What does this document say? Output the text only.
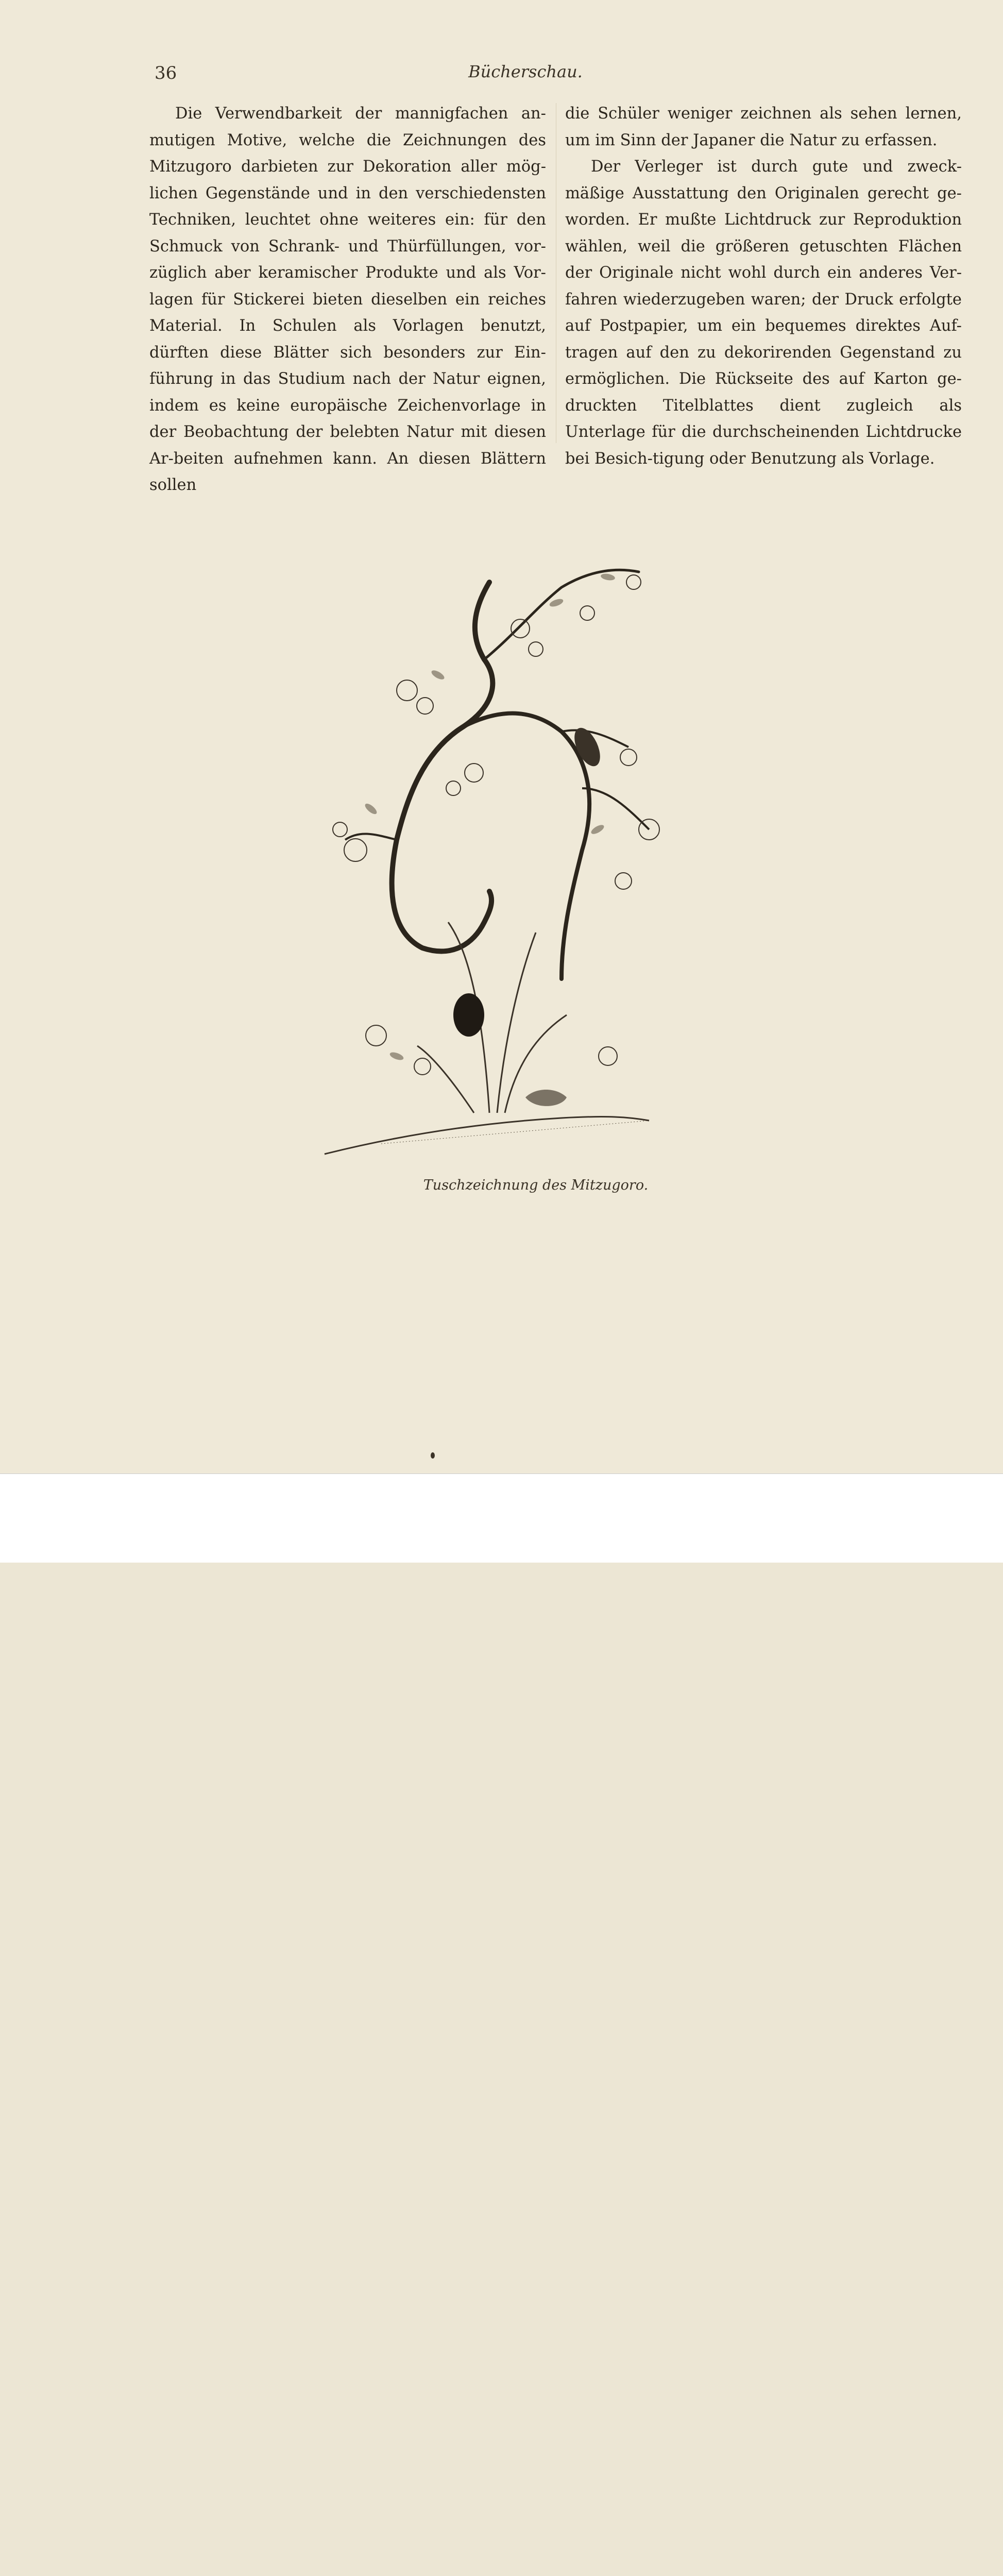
36	Bücherschau.

Die Verwendbarkeit der mannigfachen an-mutigen Motive, welche die Zeichnungen des Mitzugoro darbieten zur Dekoration aller mög-lichen Gegenstände und in den verschiedensten Techniken, leuchtet ohne weiteres ein: für den Schmuck von Schrank- und Thürfüllungen, vor-züglich aber keramischer Produkte und als Vor-lagen für Stickerei bieten dieselben ein reiches Material. In Schulen als Vorlagen benutzt, dürften diese Blätter sich besonders zur Ein-führung in das Studium nach der Natur eignen, indem es keine europäische Zeichenvorlage in der Beobachtung der belebten Natur mit diesen Ar-beiten aufnehmen kann. An diesen Blättern sollen

die Schüler weniger zeichnen als sehen lernen, um im Sinn der Japaner die Natur zu erfassen.

Der Verleger ist durch gute und zweck-mäßige Ausstattung den Originalen gerecht ge-worden. Er mußte Lichtdruck zur Reproduktion wählen, weil die größeren getuschten Flächen der Originale nicht wohl durch ein anderes Ver-fahren wiederzugeben waren; der Druck erfolgte auf Postpapier, um ein bequemes direktes Auf-tragen auf den zu dekorirenden Gegenstand zu ermöglichen. Die Rückseite des auf Karton ge-druckten Titelblattes dient zugleich als Unterlage für die durchscheinenden Lichtdrucke bei Besich-tigung oder Benutzung als Vorlage.

Tuschzeichnung des Mitzugoro.
